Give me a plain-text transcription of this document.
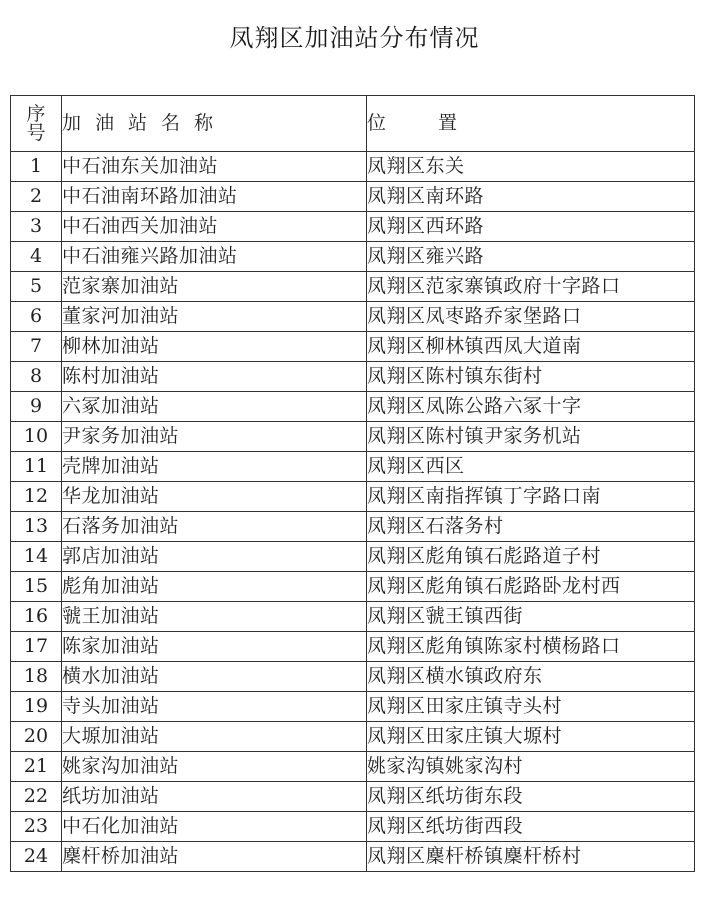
凤翔区加油站分布情况
序
号	加油站名称	位置
1	中石油东关加油站	凤翔区东关
2	中石油南环路加油站	凤翔区南环路
3	中石油西关加油站	凤翔区西环路
4	中石油雍兴路加油站	凤翔区雍兴路
5	范家寨加油站	凤翔区范家寨镇政府十字路口
6	董家河加油站	凤翔区凤枣路乔家堡路口
7	柳林加油站	凤翔区柳林镇西凤大道南
8	陈村加油站	凤翔区陈村镇东街村
9	六冢加油站	凤翔区凤陈公路六冢十字
10	尹家务加油站	凤翔区陈村镇尹家务机站
11	壳牌加油站	凤翔区西区
12	华龙加油站	凤翔区南指挥镇丁字路口南
13	石落务加油站	凤翔区石落务村
14	郭店加油站	凤翔区彪角镇石彪路道子村
15	彪角加油站	凤翔区彪角镇石彪路卧龙村西
16	虢王加油站	凤翔区虢王镇西街
17	陈家加油站	凤翔区彪角镇陈家村横杨路口
18	横水加油站	凤翔区横水镇政府东
19	寺头加油站	凤翔区田家庄镇寺头村
20	大塬加油站	凤翔区田家庄镇大塬村
21	姚家沟加油站	姚家沟镇姚家沟村
22	纸坊加油站	凤翔区纸坊街东段
23	中石化加油站	凤翔区纸坊街西段
24	麇杆桥加油站	凤翔区麇杆桥镇麇杆桥村
